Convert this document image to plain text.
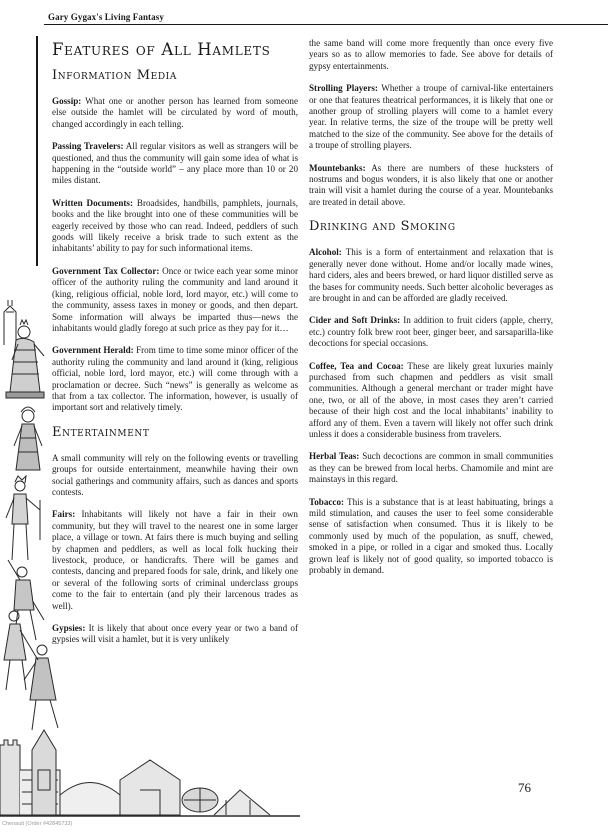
Gary Gygax's Living Fantasy
Features of All Hamlets
Information Media

Gossip: What one or another person has learned from someone else outside the hamlet will be circulated by word of mouth, changed accordingly in each telling.

Passing Travelers: All regular visitors as well as strangers will be questioned, and thus the community will gain some idea of what is happening in the “outside world” – any place more than 10 or 20 miles distant.

Written Documents: Broadsides, handbills, pamphlets, journals, books and the like brought into one of these communities will be eagerly received by those who can read. Indeed, peddlers of such goods will likely receive a brisk trade to such extent as the inhabitants’ ability to pay for such informational items.

Government Tax Collector: Once or twice each year some minor officer of the authority ruling the community and land around it (king, religious official, noble lord, lord mayor, etc.) will come to the community, assess taxes in money or goods, and then depart. Some information will always be imparted thus—news the inhabitants would gladly forego at such price as they pay for it…

Government Herald: From time to time some minor officer of the authority ruling the community and land around it (king, religious official, noble lord, lord mayor, etc.) will come through with a proclamation or decree. Such “news” is generally as welcome as that from a tax collector. The information, however, is usually of important sort and relatively timely.

Entertainment

A small community will rely on the following events or travelling groups for outside entertainment, meanwhile having their own social gatherings and community affairs, such as dances and sports contests.

Fairs: Inhabitants will likely not have a fair in their own community, but they will travel to the nearest one in some larger place, a village or town. At fairs there is much buying and selling by chapmen and peddlers, as well as local folk hucking their livestock, produce, or handicrafts. There will be games and contests, dancing and prepared foods for sale, drink, and likely one or several of the following sorts of criminal underclass groups come to the fair to entertain (and ply their larcenous trades as well).

Gypsies: It is likely that about once every year or two a band of gypsies will visit a hamlet, but it is very unlikely

the same band will come more frequently than once every five years so as to allow memories to fade. See above for details of gypsy entertainments.

Strolling Players: Whether a troupe of carnival-like entertainers or one that features theatrical performances, it is likely that one or another group of strolling players will come to a hamlet every year. In relative terms, the size of the troupe will be pretty well matched to the size of the community. See above for the details of a troupe of strolling players.

Mountebanks: As there are numbers of these hucksters of nostrums and bogus wonders, it is also likely that one or another train will visit a hamlet during the course of a year. Mountebanks are treated in detail above.

Drinking and Smoking

Alcohol: This is a form of entertainment and relaxation that is generally never done without. Home and/or locally made wines, hard ciders, ales and beers brewed, or hard liquor distilled serve as the bases for community needs. Such better alcoholic beverages as are brought in and can be afforded are gladly received.

Cider and Soft Drinks: In addition to fruit ciders (apple, cherry, etc.) country folk brew root beer, ginger beer, and sarsaparilla-like decoctions for special occasions.

Coffee, Tea and Cocoa: These are likely great luxuries mainly purchased from such chapmen and peddlers as visit small communities. Although a general merchant or trader might have one, two, or all of the above, in most cases they aren’t carried because of their high cost and the local inhabitants’ inability to afford any of them. Even a tavern will likely not offer such drink unless it does a considerable business from travelers.

Herbal Teas: Such decoctions are common in small communities as they can be brewed from local herbs. Chamomile and mint are mainstays in this regard.

Tobacco: This is a substance that is at least habituating, brings a mild stimulation, and causes the user to feel some considerable sense of satisfaction when consumed. Thus it is likely to be commonly used by much of the population, as snuff, chewed, smoked in a pipe, or rolled in a cigar and smoked thus. Locally grown leaf is likely not of good quality, so imported tobacco is probably in demand.

76
Chenault (Order #42845733)
